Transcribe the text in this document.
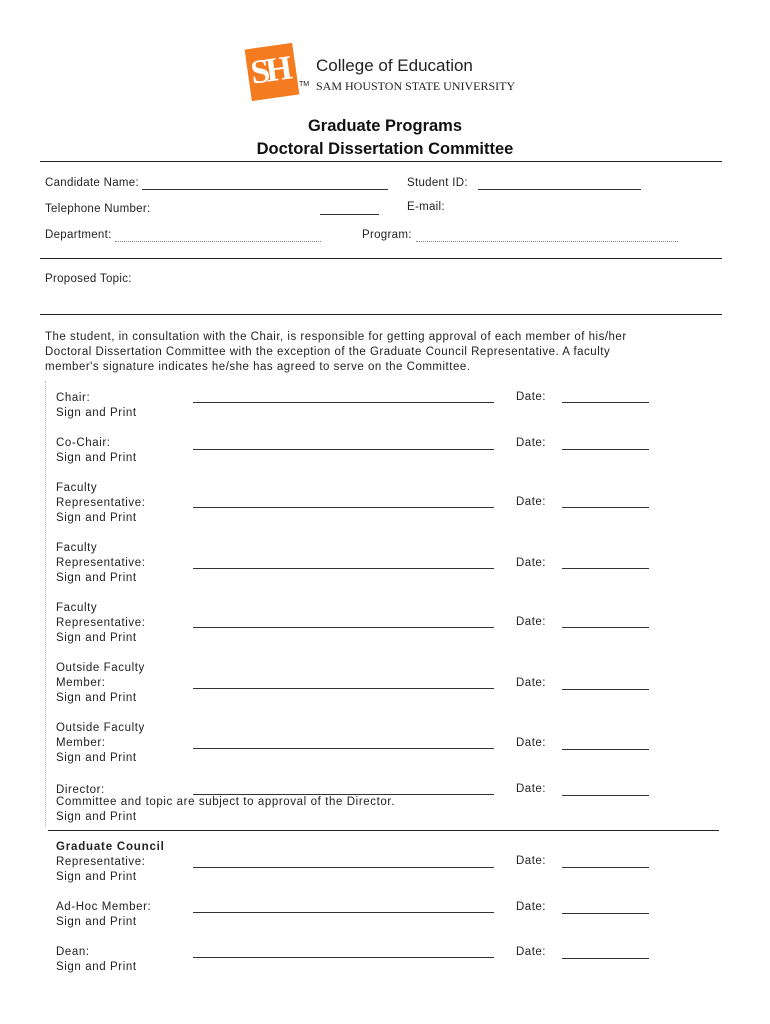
SH TM
College of Education
SAM HOUSTON STATE UNIVERSITY
Graduate Programs
Doctoral Dissertation Committee
Candidate Name:	Student ID:
Telephone Number:	E-mail:
Department:	Program:
Proposed Topic:
The student, in consultation with the Chair, is responsible for getting approval of each member of his/her
Doctoral Dissertation Committee with the exception of the Graduate Council Representative. A faculty
member's signature indicates he/she has agreed to serve on the Committee.
Chair:
Sign and Print
Date:
Co-Chair:
Sign and Print
Date:
Faculty
Representative:
Sign and Print
Date:
Faculty
Representative:
Sign and Print
Date:
Faculty
Representative:
Sign and Print
Date:
Outside Faculty
Member:
Sign and Print
Date:
Outside Faculty
Member:
Sign and Print
Date:
Director:
Committee and topic are subject to approval of the Director.
Sign and Print
Date:
Graduate Council
Representative:
Sign and Print
Date:
Ad-Hoc Member:
Sign and Print
Date:
Dean:
Sign and Print
Date:
